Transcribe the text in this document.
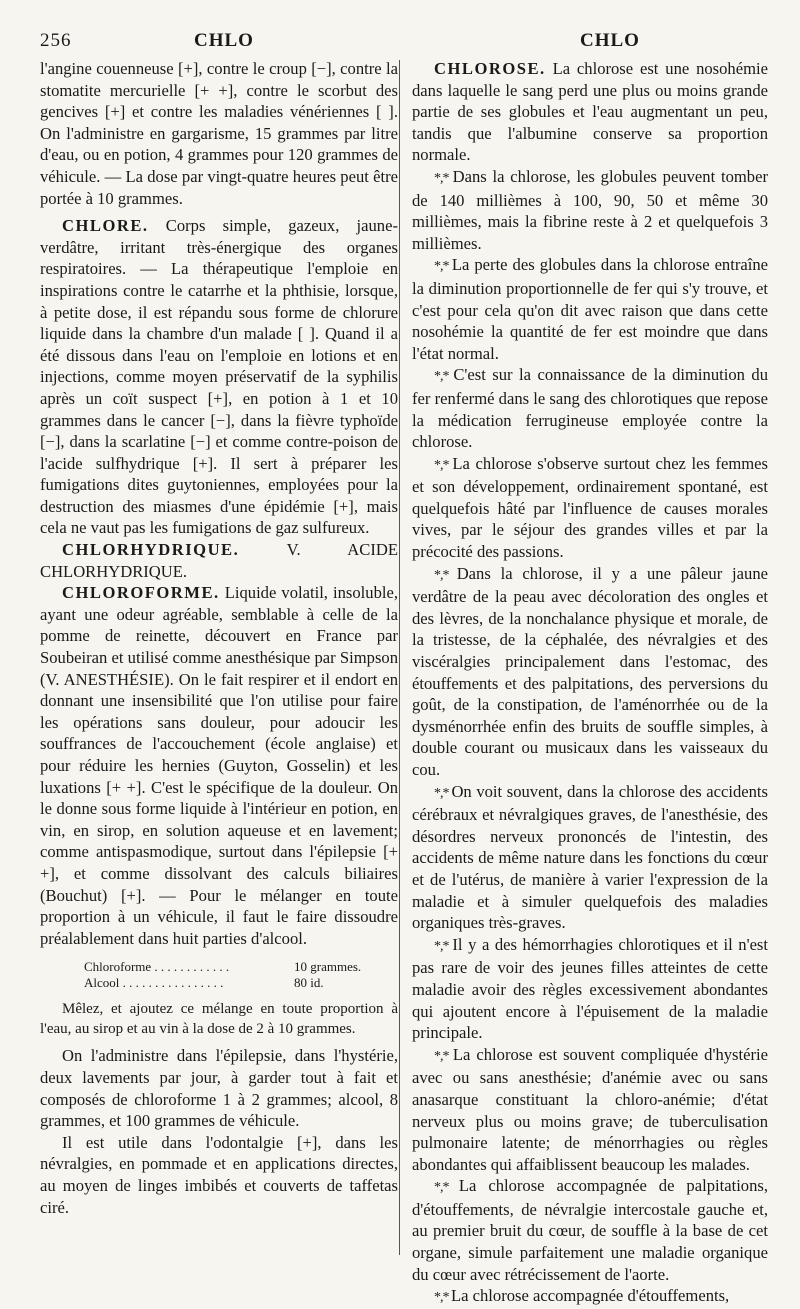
256	CHLO	CHLO

l'angine couenneuse [+], contre le croup [−], contre la stomatite mercurielle [+ +], contre le scorbut des gencives [+] et contre les maladies vénériennes [ ]. On l'administre en gargarisme, 15 grammes par litre d'eau, ou en potion, 4 grammes pour 120 grammes de véhicule. — La dose par vingt-quatre heures peut être portée à 10 grammes.

CHLORE. Corps simple, gazeux, jaune-verdâtre, irritant très-énergique des organes respiratoires. — La thérapeutique l'emploie en inspirations contre le catarrhe et la phthisie, lorsque, à petite dose, il est répandu sous forme de chlorure liquide dans la chambre d'un malade [ ]. Quand il a été dissous dans l'eau on l'emploie en lotions et en injections, comme moyen préservatif de la syphilis après un coït suspect [+], en potion à 1 et 10 grammes dans le cancer [−], dans la fièvre typhoïde [−], dans la scarlatine [−] et comme contre-poison de l'acide sulfhydrique [+]. Il sert à préparer les fumigations dites guytoniennes, employées pour la destruction des miasmes d'une épidémie [+], mais cela ne vaut pas les fumigations de gaz sulfureux.

CHLORHYDRIQUE.	V. ACIDE CHLORHYDRIQUE.

CHLOROFORME. Liquide volatil, insoluble, ayant une odeur agréable, semblable à celle de la pomme de reinette, découvert en France par Soubeiran et utilisé comme anesthésique par Simpson (V. ANESTHÉSIE). On le fait respirer et il endort en donnant une insensibilité que l'on utilise pour faire les opérations sans douleur, pour adoucir les souffrances de l'accouchement (école anglaise) et pour réduire les hernies (Guyton, Gosselin) et les luxations [+ +]. C'est le spécifique de la douleur. On le donne sous forme liquide à l'intérieur en potion, en vin, en sirop, en solution aqueuse et en lavement; comme antispasmodique, surtout dans l'épilepsie [+ +], et comme dissolvant des calculs biliaires (Bouchut) [+]. — Pour le mélanger en toute proportion à un véhicule, il faut le faire dissoudre préalablement dans huit parties d'alcool.

Chloroforme . . . . . . . . . . . .	10 grammes.
Alcool . . . . . . . . . . . . . . . .	80 id.

Mêlez, et ajoutez ce mélange en toute proportion à l'eau, au sirop et au vin à la dose de 2 à 10 grammes.

On l'administre dans l'épilepsie, dans l'hystérie, deux lavements par jour, à garder tout à fait et composés de chloroforme 1 à 2 grammes; alcool, 8 grammes, et 100 grammes de véhicule.

Il est utile dans l'odontalgie [+], dans les névralgies, en pommade et en applications directes, au moyen de linges imbibés et couverts de taffetas ciré.

CHLOROSE. La chlorose est une nosohémie dans laquelle le sang perd une plus ou moins grande partie de ses globules et l'eau augmentant un peu, tandis que l'albumine conserve sa proportion normale.

*,* Dans la chlorose, les globules peuvent tomber de 140 millièmes à 100, 90, 50 et même 30 millièmes, mais la fibrine reste à 2 et quelquefois 3 millièmes.

*,* La perte des globules dans la chlorose entraîne la diminution proportionnelle de fer qui s'y trouve, et c'est pour cela qu'on dit avec raison que dans cette nosohémie la quantité de fer est moindre que dans l'état normal.

*,* C'est sur la connaissance de la diminution du fer renfermé dans le sang des chlorotiques que repose la médication ferrugineuse employée contre la chlorose.

*,* La chlorose s'observe surtout chez les femmes et son développement, ordinairement spontané, est quelquefois hâté par l'influence de causes morales vives, par le séjour des grandes villes et par la précocité des passions.

*,* Dans la chlorose, il y a une pâleur jaune verdâtre de la peau avec décoloration des ongles et des lèvres, de la nonchalance physique et morale, de la tristesse, de la céphalée, des névralgies et des viscéralgies principalement dans l'estomac, des étouffements et des palpitations, des perversions du goût, de la constipation, de l'aménorrhée ou de la dysménorrhée enfin des bruits de souffle simples, à double courant ou musicaux dans les vaisseaux du cou.

*,* On voit souvent, dans la chlorose des accidents cérébraux et névralgiques graves, de l'anesthésie, des désordres nerveux prononcés de l'intestin, des accidents de même nature dans les fonctions du cœur et de l'utérus, de manière à varier l'expression de la maladie et à simuler quelquefois des maladies organiques très-graves.

*,* Il y a des hémorrhagies chlorotiques et il n'est pas rare de voir des jeunes filles atteintes de cette maladie avoir des règles excessivement abondantes qui ajoutent encore à l'épuisement de la maladie principale.

*,* La chlorose est souvent compliquée d'hystérie avec ou sans anesthésie; d'anémie avec ou sans anasarque constituant la chloro-anémie; d'état nerveux plus ou moins grave; de tuberculisation pulmonaire latente; de ménorrhagies ou règles abondantes qui affaiblissent beaucoup les malades.

*,* La chlorose accompagnée de palpitations, d'étouffements, de névralgie intercostale gauche et, au premier bruit du cœur, de souffle à la base de cet organe, simule parfaitement une maladie organique du cœur avec rétrécissement de l'aorte.

*,* La chlorose accompagnée d'étouffements,
